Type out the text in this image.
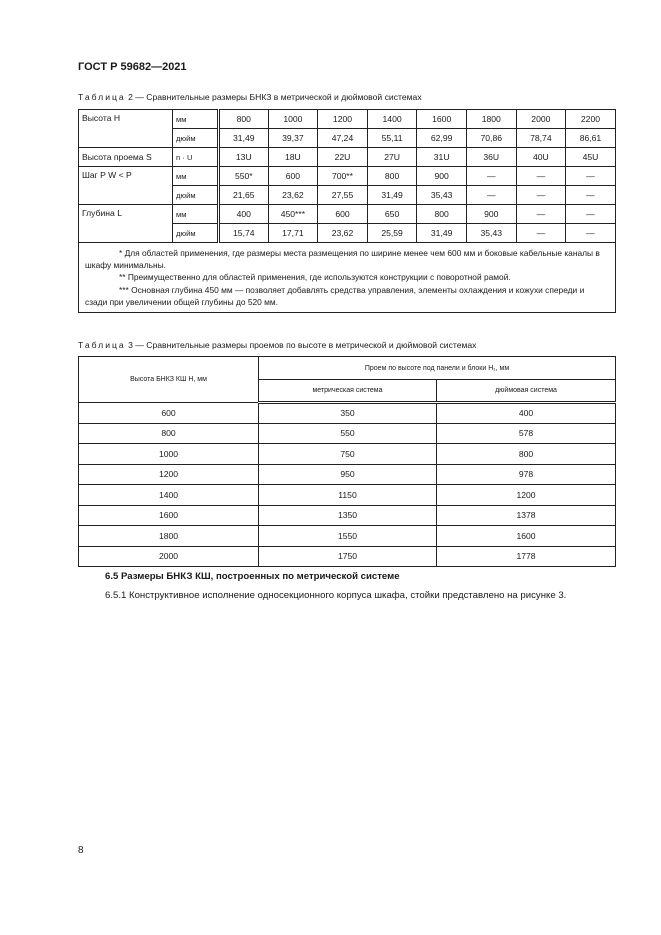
ГОСТ Р 59682—2021
Таблица 2 — Сравнительные размеры БНКЗ в метрической и дюймовой системах
Высота H	мм	800	1000	1200	1400	1600	1800	2000	2200
	дюйм	31,49	39,37	47,24	55,11	62,99	70,86	78,74	86,61
Высота проема S	n · U	13U	18U	22U	27U	31U	36U	40U	45U
Шаг P W < P	мм	550*	600	700**	800	900	—	—	—
	дюйм	21,65	23,62	27,55	31,49	35,43	—	—	—
Глубина L	мм	400	450***	600	650	800	900	—	—
	дюйм	15,74	17,71	23,62	25,59	31,49	35,43	—	—

* Для областей применения, где размеры места размещения по ширине менее чем 600 мм и боковые кабельные каналы в шкафу минимальны.
** Преимущественно для областей применения, где используются конструкции с поворотной рамой.
*** Основная глубина 450 мм — позволяет добавлять средства управления, элементы охлаждения и кожухи спереди и сзади при увеличении общей глубины до 520 мм.									
Таблица 3 — Сравнительные размеры проемов по высоте в метрической и дюймовой системах
Высота БНКЗ КШ H, мм	Проем по высоте под панели и блоки H₁, мм	
	метрическая система	дюймовая система
600	350	400
800	550	578
1000	750	800
1200	950	978
1400	1150	1200
1600	1350	1378
1800	1550	1600
2000	1750	1778
6.5 Размеры БНКЗ КШ, построенных по метрической системе
6.5.1 Конструктивное исполнение односекционного корпуса шкафа, стойки представлено на рисунке 3.
8
